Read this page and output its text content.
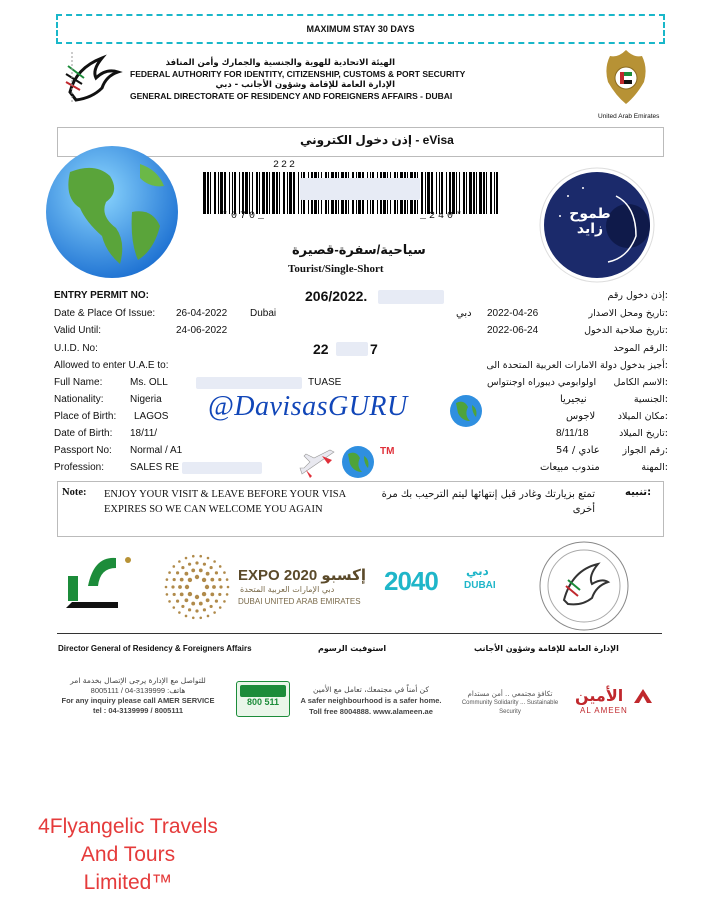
MAXIMUM STAY 30 DAYS
الهيئة الاتحادية للهوية والجنسية والجمارك وأمن المنافذ
FEDERAL AUTHORITY FOR IDENTITY, CITIZENSHIP, CUSTOMS & PORT SECURITY
الإدارة العامة للإقامة وشؤون الأجانب - دبي
GENERAL DIRECTORATE OF RESIDENCY AND FOREIGNERS AFFAIRS - DUBAI
United Arab Emirates
إذن دخول الكتروني - eVisa
222
*070_	_240*	طموح زايد
سياحية/سفرة-قصيرة
Tourist/Single-Short
ENTRY PERMIT NO:	206/2022.	إذن دخول رقم:
Date & Place Of Issue: 26-04-2022 Dubai	دبي 2022-04-26	تاريخ ومحل الاصدار:
Valid Until:	24-06-2022	2022-06-24	تاريخ صلاحية الدخول:
U.I.D. No:	22	7	الرقم الموحد:
Allowed to enter U.A.E to:	أجيز بدخول دولة الامارات العربية المتحدة الى:
Full Name:	Ms. OLL	TUASE	اولوابومي ديبوراه اوجنتواس الاسم الكامل:
Nationality:	Nigeria	نيجيريا	الجنسية:
Place of Birth: LAGOS	لاجوس مكان الميلاد:
Date of Birth: 18/11/	8/11/18	تاريخ الميلاد:
Passport No: Normal / A1	عادي / 54 رقم الجواز:
Profession:	SALES RE	مندوب مبيعات	المهنة:
@DavisasGURU
TM
Note: ENJOY YOUR VISIT & LEAVE BEFORE YOUR VISA
EXPIRES SO WE CAN WELCOME YOU AGAIN
تمتع بزيارتك وغادر قبل إنتهائها ليتم الترحيب بك مرة أخرى
تنبيه:
EXPO 2020 إكسبو
دبي الإمارات العربية المتحدة
DUBAI UNITED ARAB EMIRATES
2040 دبي
DUBAI
Director General of Residency & Foreigners Affairs	استوفيت الرسوم	الإدارة العامة للإقامة وشؤون الأجانب
للتواصل مع الإدارة يرجى الإتصال بخدمة امر
8005111 / 04-3139999 :هاتف
For any inquiry please call AMER SERVICE
tel : 04-3139999 / 8005111
800 511
كن أمناً في مجتمعك، تعامل مع الأمين
A safer neighbourhood is a safer home.
Toll free 8004888. www.alameen.ae
تكافؤ مجتمعي .. أمن مستدام
Community Solidarity ... Sustainable Security
الأمين
AL AMEEN
4Flyangelic Travels
And Tours
Limited™
